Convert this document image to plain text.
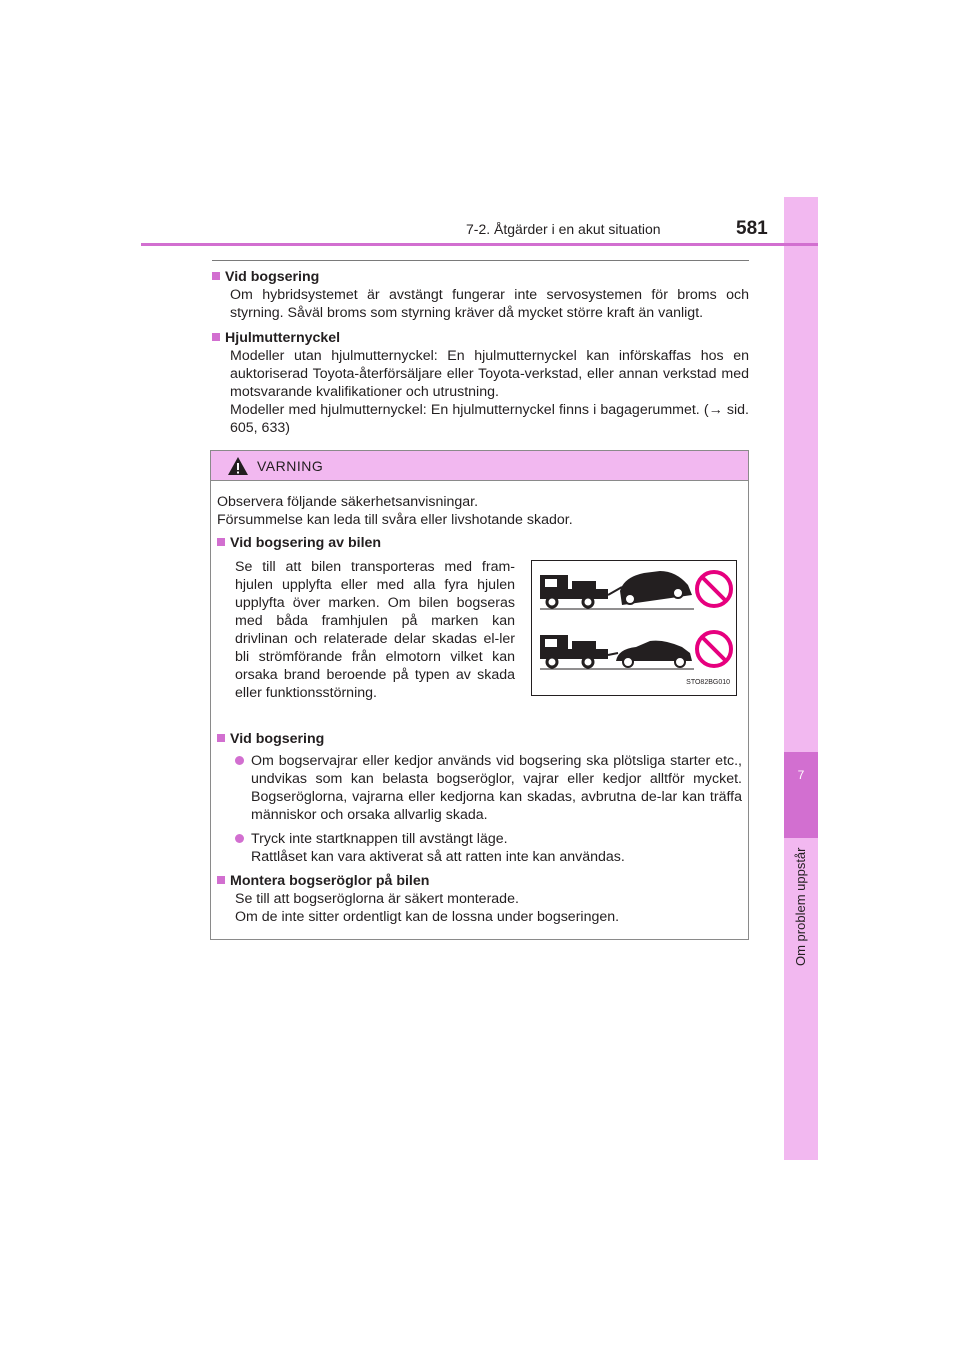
7
Om problem uppstår
7-2. Åtgärder i en akut situation	581
Vid bogsering

Om hybridsystemet är avstängt fungerar inte servosystemen för broms och styrning. Såväl broms som styrning kräver då mycket större kraft än vanligt.

Hjulmutternyckel

Modeller utan hjulmutternyckel: En hjulmutternyckel kan införskaffas hos en auktoriserad Toyota-återförsäljare eller Toyota-verkstad, eller annan verkstad med motsvarande kvalifikationer och utrustning.

Modeller med hjulmutternyckel: En hjulmutternyckel finns i bagagerummet. (→ sid. 605, 633)

VARNING

Observera följande säkerhetsanvisningar.

Försummelse kan leda till svåra eller livshotande skador.

Vid bogsering av bilen
Se till att bilen transporteras med fram-hjulen upplyfta eller med alla fyra hjulen upplyfta över marken. Om bilen bogseras med båda framhjulen på marken kan drivlinan och relaterade delar skadas el-ler bli strömförande från elmotorn vilket kan orsaka brand beroende på typen av skada eller funktionsstörning.
STO82BG010
Vid bogsering
Om bogservajrar eller kedjor används vid bogsering ska plötsliga starter etc., undvikas som kan belasta bogseröglor, vajrar eller kedjor alltför mycket. Bogseröglorna, vajrarna eller kedjorna kan skadas, avbrutna de-lar kan träffa människor och orsaka allvarlig skada.
Tryck inte startknappen till avstängt läge.
Rattlåset kan vara aktiverat så att ratten inte kan användas.
Montera bogseröglor på bilen

Se till att bogseröglorna är säkert monterade.

Om de inte sitter ordentligt kan de lossna under bogseringen.
